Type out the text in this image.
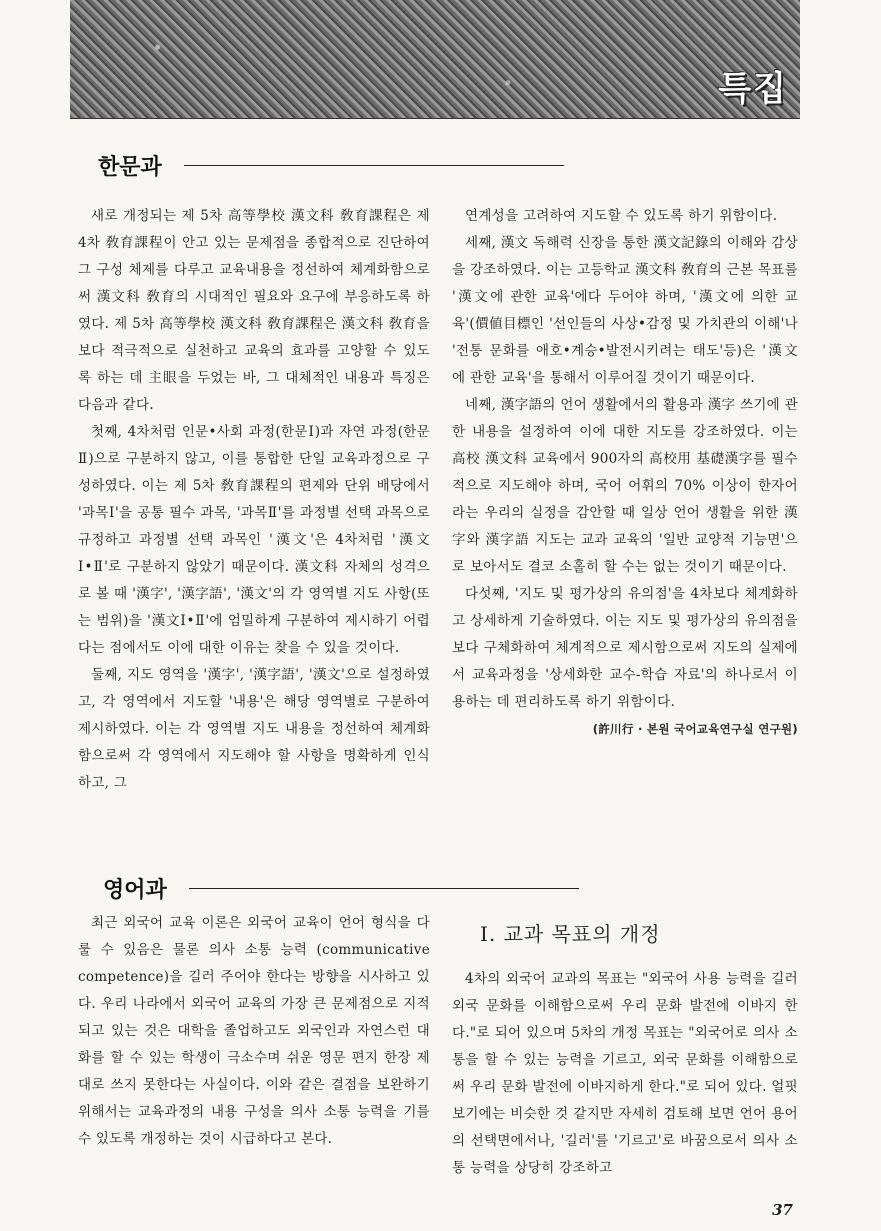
특집
한문과

새로 개정되는 제 5차 高等學校 漢文科 敎育課程은 제 4차 敎育課程이 안고 있는 문제점을 종합적으로 진단하여 그 구성 체제를 다루고 교육내용을 정선하여 체계화함으로써 漢文科 敎育의 시대적인 필요와 요구에 부응하도록 하였다. 제 5차 高等學校 漢文科 敎育課程은 漢文科 敎育을 보다 적극적으로 실천하고 교육의 효과를 고양할 수 있도록 하는 데 主眼을 두었는 바, 그 대체적인 내용과 특징은 다음과 같다.

첫째, 4차처럼 인문•사회 과정(한문Ⅰ)과 자연 과정(한문Ⅱ)으로 구분하지 않고, 이를 통합한 단일 교육과정으로 구성하였다. 이는 제 5차 敎育課程의 편제와 단위 배당에서 '과목Ⅰ'을 공통 필수 과목, '과목Ⅱ'를 과정별 선택 과목으로 규정하고 과정별 선택 과목인 '漢文'은 4차처럼 '漢文Ⅰ•Ⅱ'로 구분하지 않았기 때문이다. 漢文科 자체의 성격으로 볼 때 '漢字', '漢字語', '漢文'의 각 영역별 지도 사항(또는 범위)을 '漢文Ⅰ•Ⅱ'에 엄밀하게 구분하여 제시하기 어렵다는 점에서도 이에 대한 이유는 찾을 수 있을 것이다.

둘째, 지도 영역을 '漢字', '漢字語', '漢文'으로 설정하였고, 각 영역에서 지도할 '내용'은 해당 영역별로 구분하여 제시하였다. 이는 각 영역별 지도 내용을 정선하여 체계화함으로써 각 영역에서 지도해야 할 사항을 명확하게 인식하고, 그

연계성을 고려하여 지도할 수 있도록 하기 위함이다.

세째, 漢文 독해력 신장을 통한 漢文記錄의 이해와 감상을 강조하였다. 이는 고등학교 漢文科 敎育의 근본 목표를 '漢文에 관한 교육'에다 두어야 하며, '漢文에 의한 교육'(價値目標인 '선인들의 사상•감정 및 가치관의 이해'나 '전통 문화를 애호•계승•발전시키려는 태도'등)은 '漢文에 관한 교육'을 통해서 이루어질 것이기 때문이다.

네째, 漢字語의 언어 생활에서의 활용과 漢字 쓰기에 관한 내용을 설정하여 이에 대한 지도를 강조하였다. 이는 高校 漢文科 교육에서 900자의 高校用 基礎漢字를 필수적으로 지도해야 하며, 국어 어휘의 70% 이상이 한자어라는 우리의 실정을 감안할 때 일상 언어 생활을 위한 漢字와 漢字語 지도는 교과 교육의 '일반 교양적 기능면'으로 보아서도 결코 소홀히 할 수는 없는 것이기 때문이다.

다섯째, '지도 및 평가상의 유의점'을 4차보다 체계화하고 상세하게 기술하였다. 이는 지도 및 평가상의 유의점을 보다 구체화하여 체계적으로 제시함으로써 지도의 실제에서 교육과정을 '상세화한 교수-학습 자료'의 하나로서 이용하는 데 편리하도록 하기 위함이다.

(許川行 · 본원 국어교육연구실 연구원)

영어과

최근 외국어 교육 이론은 외국어 교육이 언어 형식을 다룰 수 있음은 물론 의사 소통 능력 (communicative competence)을 길러 주어야 한다는 방향을 시사하고 있다. 우리 나라에서 외국어 교육의 가장 큰 문제점으로 지적되고 있는 것은 대학을 졸업하고도 외국인과 자연스런 대화를 할 수 있는 학생이 극소수며 쉬운 영문 편지 한장 제대로 쓰지 못한다는 사실이다. 이와 같은 결점을 보완하기 위해서는 교육과정의 내용 구성을 의사 소통 능력을 기를 수 있도록 개정하는 것이 시급하다고 본다.

Ⅰ. 교과 목표의 개정

4차의 외국어 교과의 목표는 "외국어 사용 능력을 길러 외국 문화를 이해함으로써 우리 문화 발전에 이바지 한다."로 되어 있으며 5차의 개정 목표는 "외국어로 의사 소통을 할 수 있는 능력을 기르고, 외국 문화를 이해함으로써 우리 문화 발전에 이바지하게 한다."로 되어 있다. 얼핏 보기에는 비슷한 것 같지만 자세히 검토해 보면 언어 용어의 선택면에서나, '길러'를 '기르고'로 바꿈으로서 의사 소통 능력을 상당히 강조하고

37
